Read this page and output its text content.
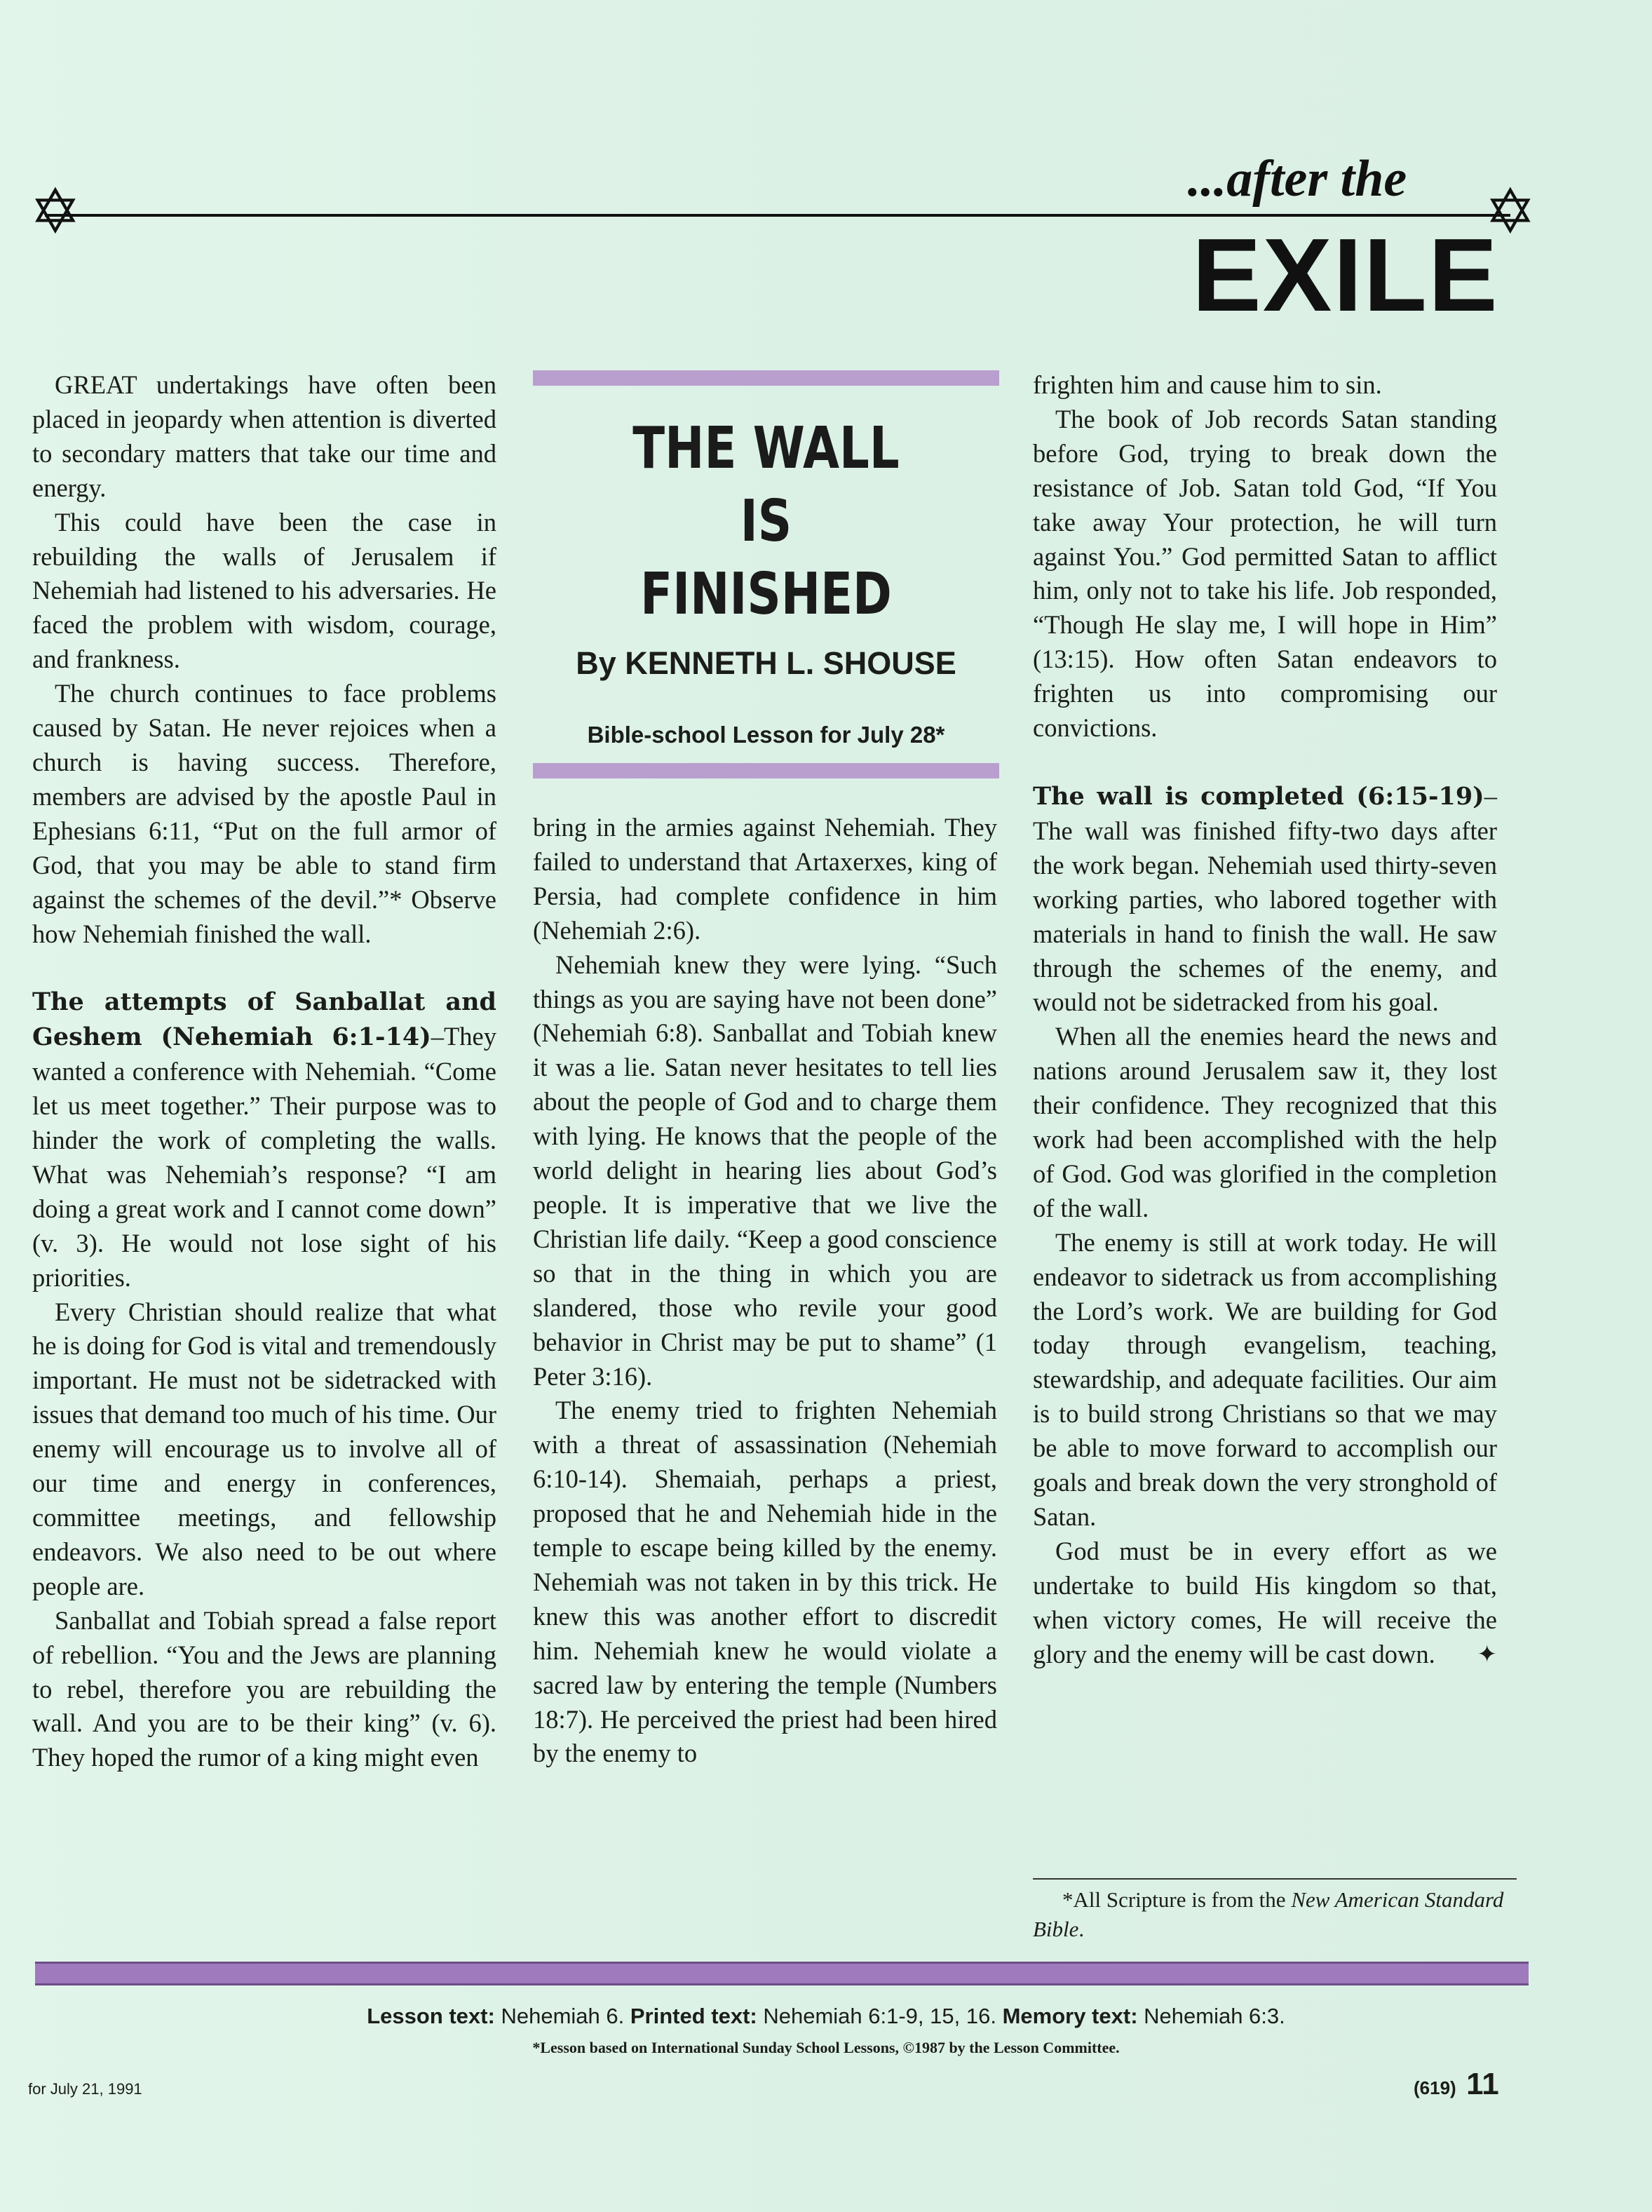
✡	✡
...after the
EXILE

GREAT undertakings have often been placed in jeopardy when attention is diverted to secondary matters that take our time and energy.

This could have been the case in rebuilding the walls of Jerusalem if Nehemiah had listened to his adversaries. He faced the problem with wisdom, courage, and frankness.

The church continues to face problems caused by Satan. He never rejoices when a church is having success. Therefore, members are advised by the apostle Paul in Ephesians 6:11, “Put on the full armor of God, that you may be able to stand firm against the schemes of the devil.”* Observe how Nehemiah finished the wall.

The attempts of Sanballat and Geshem (Nehemiah 6:1-14)–They wanted a conference with Nehemiah. “Come let us meet together.” Their purpose was to hinder the work of completing the walls. What was Nehemiah’s response? “I am doing a great work and I cannot come down” (v. 3). He would not lose sight of his priorities.

Every Christian should realize that what he is doing for God is vital and tremendously important. He must not be sidetracked with issues that demand too much of his time. Our enemy will encourage us to involve all of our time and energy in conferences, committee meetings, and fellowship endeavors. We also need to be out where people are.

Sanballat and Tobiah spread a false report of rebellion. “You and the Jews are planning to rebel, therefore you are rebuilding the wall. And you are to be their king” (v. 6). They hoped the rumor of a king might even

THE WALL
IS
FINISHED
By KENNETH L. SHOUSE
Bible-school Lesson for July 28*

bring in the armies against Nehemiah. They failed to understand that Artaxerxes, king of Persia, had complete confidence in him (Nehemiah 2:6).

Nehemiah knew they were lying. “Such things as you are saying have not been done” (Nehemiah 6:8). Sanballat and Tobiah knew it was a lie. Satan never hesitates to tell lies about the people of God and to charge them with lying. He knows that the people of the world delight in hearing lies about God’s people. It is imperative that we live the Christian life daily. “Keep a good conscience so that in the thing in which you are slandered, those who revile your good behavior in Christ may be put to shame” (1 Peter 3:16).

The enemy tried to frighten Nehemiah with a threat of assassination (Nehemiah 6:10-14). Shemaiah, perhaps a priest, proposed that he and Nehemiah hide in the temple to escape being killed by the enemy. Nehemiah was not taken in by this trick. He knew this was another effort to discredit him. Nehemiah knew he would violate a sacred law by entering the temple (Numbers 18:7). He perceived the priest had been hired by the enemy to

frighten him and cause him to sin.

The book of Job records Satan standing before God, trying to break down the resistance of Job. Satan told God, “If You take away Your protection, he will turn against You.” God permitted Satan to afflict him, only not to take his life. Job responded, “Though He slay me, I will hope in Him” (13:15). How often Satan endeavors to frighten us into compromising our convictions.

The wall is completed (6:15-19)–The wall was finished fifty-two days after the work began. Nehemiah used thirty-seven working parties, who labored together with materials in hand to finish the wall. He saw through the schemes of the enemy, and would not be sidetracked from his goal.

When all the enemies heard the news and nations around Jerusalem saw it, they lost their confidence. They recognized that this work had been accomplished with the help of God. God was glorified in the completion of the wall.

The enemy is still at work today. He will endeavor to sidetrack us from accomplishing the Lord’s work. We are building for God today through evangelism, teaching, stewardship, and adequate facilities. Our aim is to build strong Christians so that we may be able to move forward to accomplish our goals and break down the very stronghold of Satan.

God must be in every effort as we undertake to build His kingdom so that, when victory comes, He will receive the glory and the enemy will be cast down.	✦

*All Scripture is from the New American Standard Bible.
Lesson text: Nehemiah 6. Printed text: Nehemiah 6:1-9, 15, 16. Memory text: Nehemiah 6:3.
*Lesson based on International Sunday School Lessons, ©1987 by the Lesson Committee.
for July 21, 1991	(619) 11
